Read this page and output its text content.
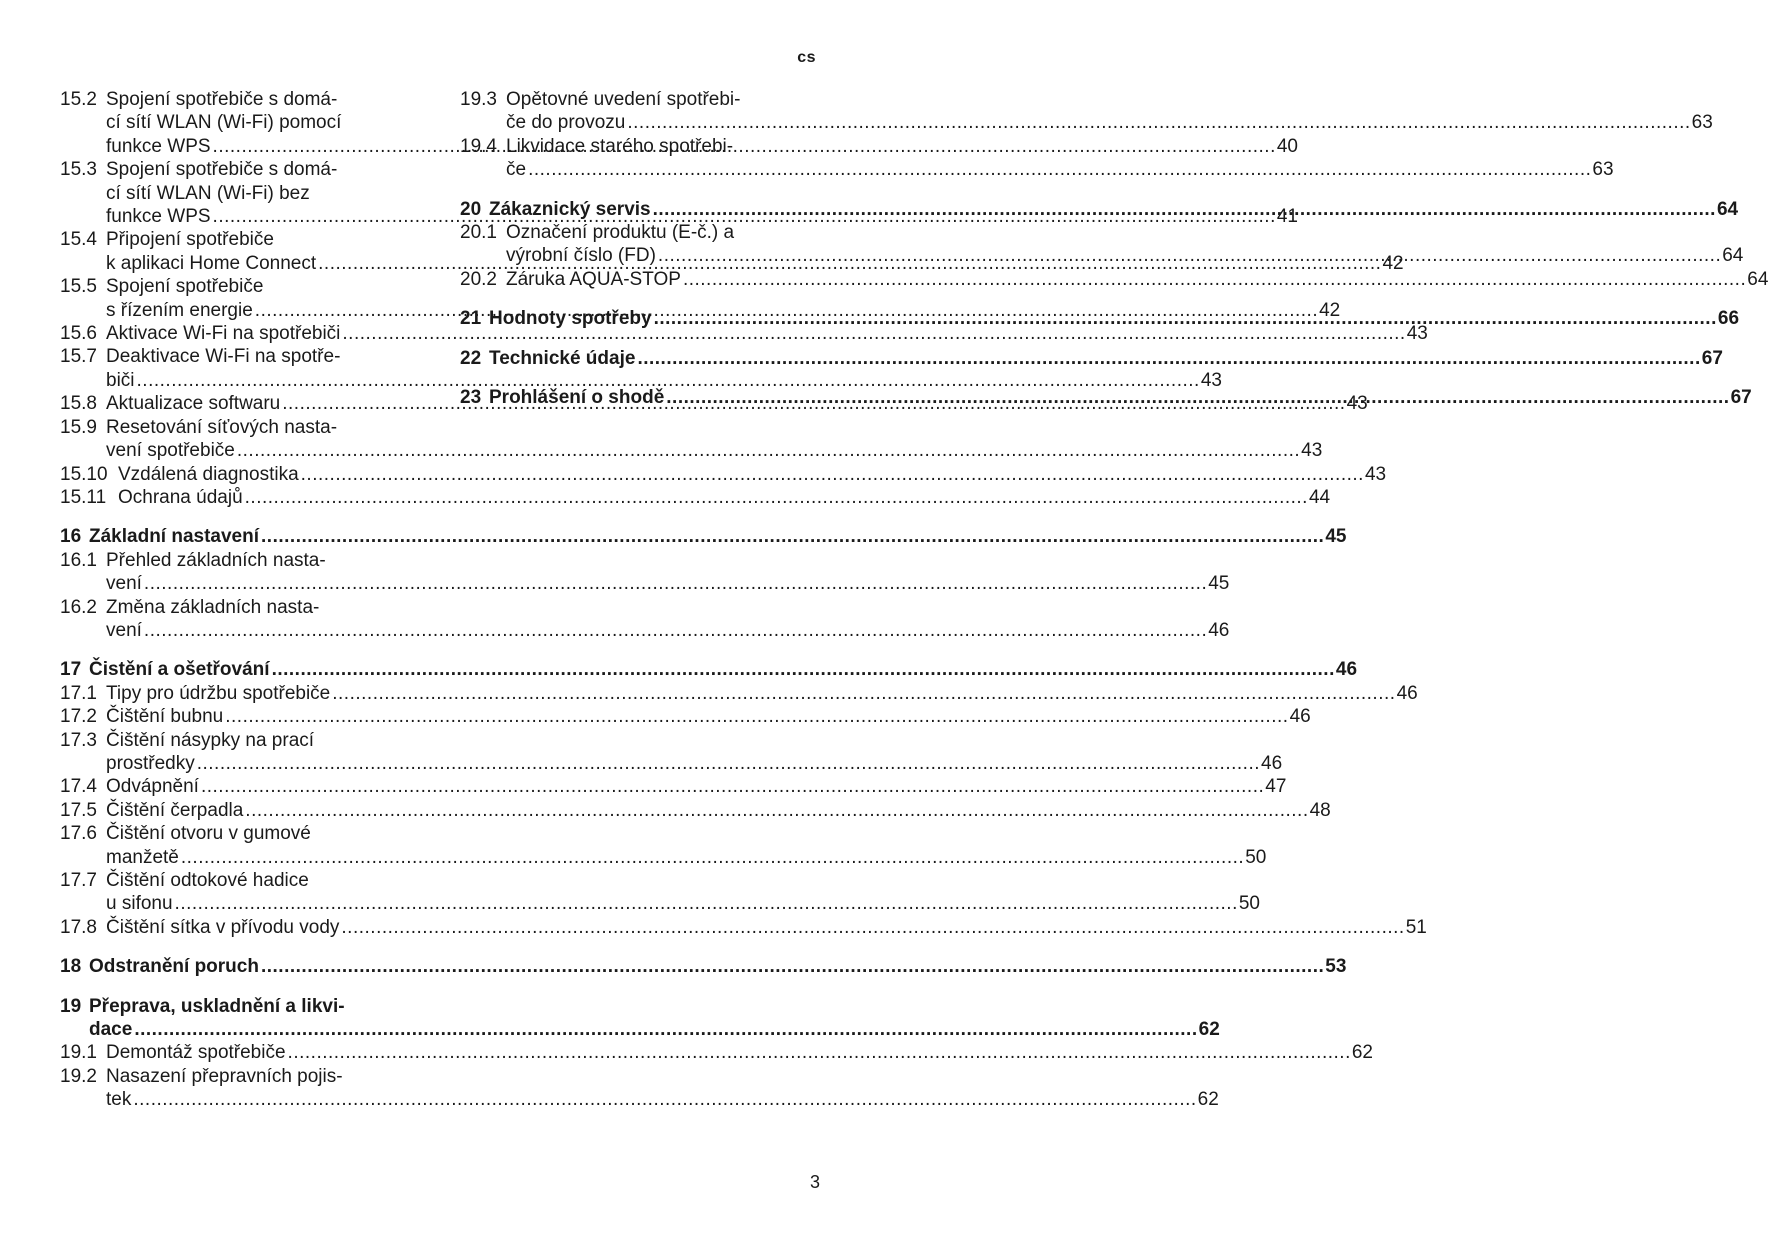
cs
15.2 Spojení spotřebiče s domá-
cí sítí WLAN (Wi-Fi) pomocí
funkce WPS .....	40
15.3 Spojení spotřebiče s domá-
cí sítí WLAN (Wi-Fi) bez
funkce WPS .....	41
15.4 Připojení spotřebiče
k aplikaci Home Connect .....	42
15.5 Spojení spotřebiče
s řízením energie .....	42
15.6 Aktivace Wi-Fi na spotřebiči .....	43
15.7 Deaktivace Wi-Fi na spotře-
biči .....	43
15.8 Aktualizace softwaru .....	43
15.9 Resetování síťových nasta-
vení spotřebiče .....	43
15.10 Vzdálená diagnostika .....	43
15.11 Ochrana údajů .....	44
16 Základní nastavení .....	45
16.1 Přehled základních nasta-
vení .....	45
16.2 Změna základních nasta-
vení .....	46
17 Čistění a ošetřování .....	46
17.1 Tipy pro údržbu spotřebiče .....	46
17.2 Čištění bubnu .....	46
17.3 Čištění násypky na prací
prostředky .....	46
17.4 Odvápnění .....	47
17.5 Čištění čerpadla .....	48
17.6 Čištění otvoru v gumové
manžetě .....	50
17.7 Čištění odtokové hadice
u sifonu .....	50
17.8 Čištění sítka v přívodu vody .....	51
18 Odstranění poruch .....	53
19 Přeprava, uskladnění a likvi-
dace .....	62
19.1 Demontáž spotřebiče .....	62
19.2 Nasazení přepravních pojis-
tek .....	62
19.3 Opětovné uvedení spotřebi-
če do provozu .....	63
19.4 Likvidace starého spotřebi-
če .....	63
20 Zákaznický servis .....	64
20.1 Označení produktu (E-č.) a
výrobní číslo (FD) .....	64
20.2 Záruka AQUA-STOP .....	64
21 Hodnoty spotřeby .....	66
22 Technické údaje .....	67
23 Prohlášení o shodě .....	67
3
